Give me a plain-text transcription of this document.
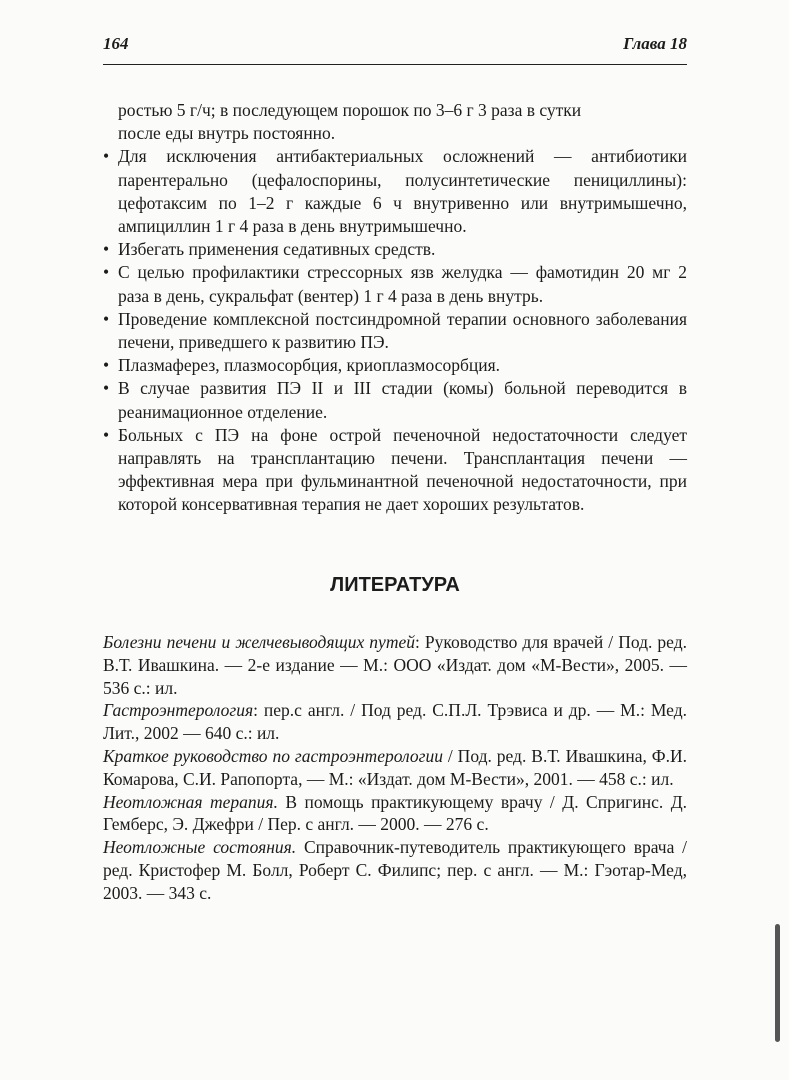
164	Глава 18
ростью 5 г/ч; в последующем порошок по 3–6 г 3 раза в сутки
после еды внутрь постоянно.
• Для исключения антибактериальных осложнений — антибиотики парентерально (цефалоспорины, полусинтетические пенициллины): цефотаксим по 1–2 г каждые 6 ч внутривенно или внутримышечно, ампициллин 1 г 4 раза в день внутримышечно.
• Избегать применения седативных средств.
• С целью профилактики стрессорных язв желудка — фамотидин 20 мг 2 раза в день, сукральфат (вентер) 1 г 4 раза в день внутрь.
• Проведение комплексной постсиндромной терапии основного заболевания печени, приведшего к развитию ПЭ.
• Плазмаферез, плазмосорбция, криоплазмосорбция.
• В случае развития ПЭ II и III стадии (комы) больной переводится в реанимационное отделение.
• Больных с ПЭ на фоне острой печеночной недостаточности следует направлять на трансплантацию печени. Трансплантация печени — эффективная мера при фульминантной печеночной недостаточности, при которой консервативная терапия не дает хороших результатов.
ЛИТЕРАТУРА

Болезни печени и желчевыводящих путей: Руководство для врачей / Под. ред. В.Т. Ивашкина. — 2-е издание — М.: ООО «Издат. дом «М-Вести», 2005. — 536 с.: ил.

Гастроэнтерология: пер.с англ. / Под ред. С.П.Л. Трэвиса и др. — М.: Мед. Лит., 2002 — 640 с.: ил.

Краткое руководство по гастроэнтерологии / Под. ред. В.Т. Ивашкина, Ф.И. Комарова, С.И. Рапопорта, — М.: «Издат. дом М-Вести», 2001. — 458 с.: ил.

Неотложная терапия. В помощь практикующему врачу / Д. Спригинс. Д. Гемберс, Э. Джефри / Пер. с англ. — 2000. — 276 с.

Неотложные состояния. Справочник-путеводитель практикующего врача /ред. Кристофер М. Болл, Роберт С. Филипс; пер. с англ. — М.: Гэотар-Мед, 2003. — 343 с.
